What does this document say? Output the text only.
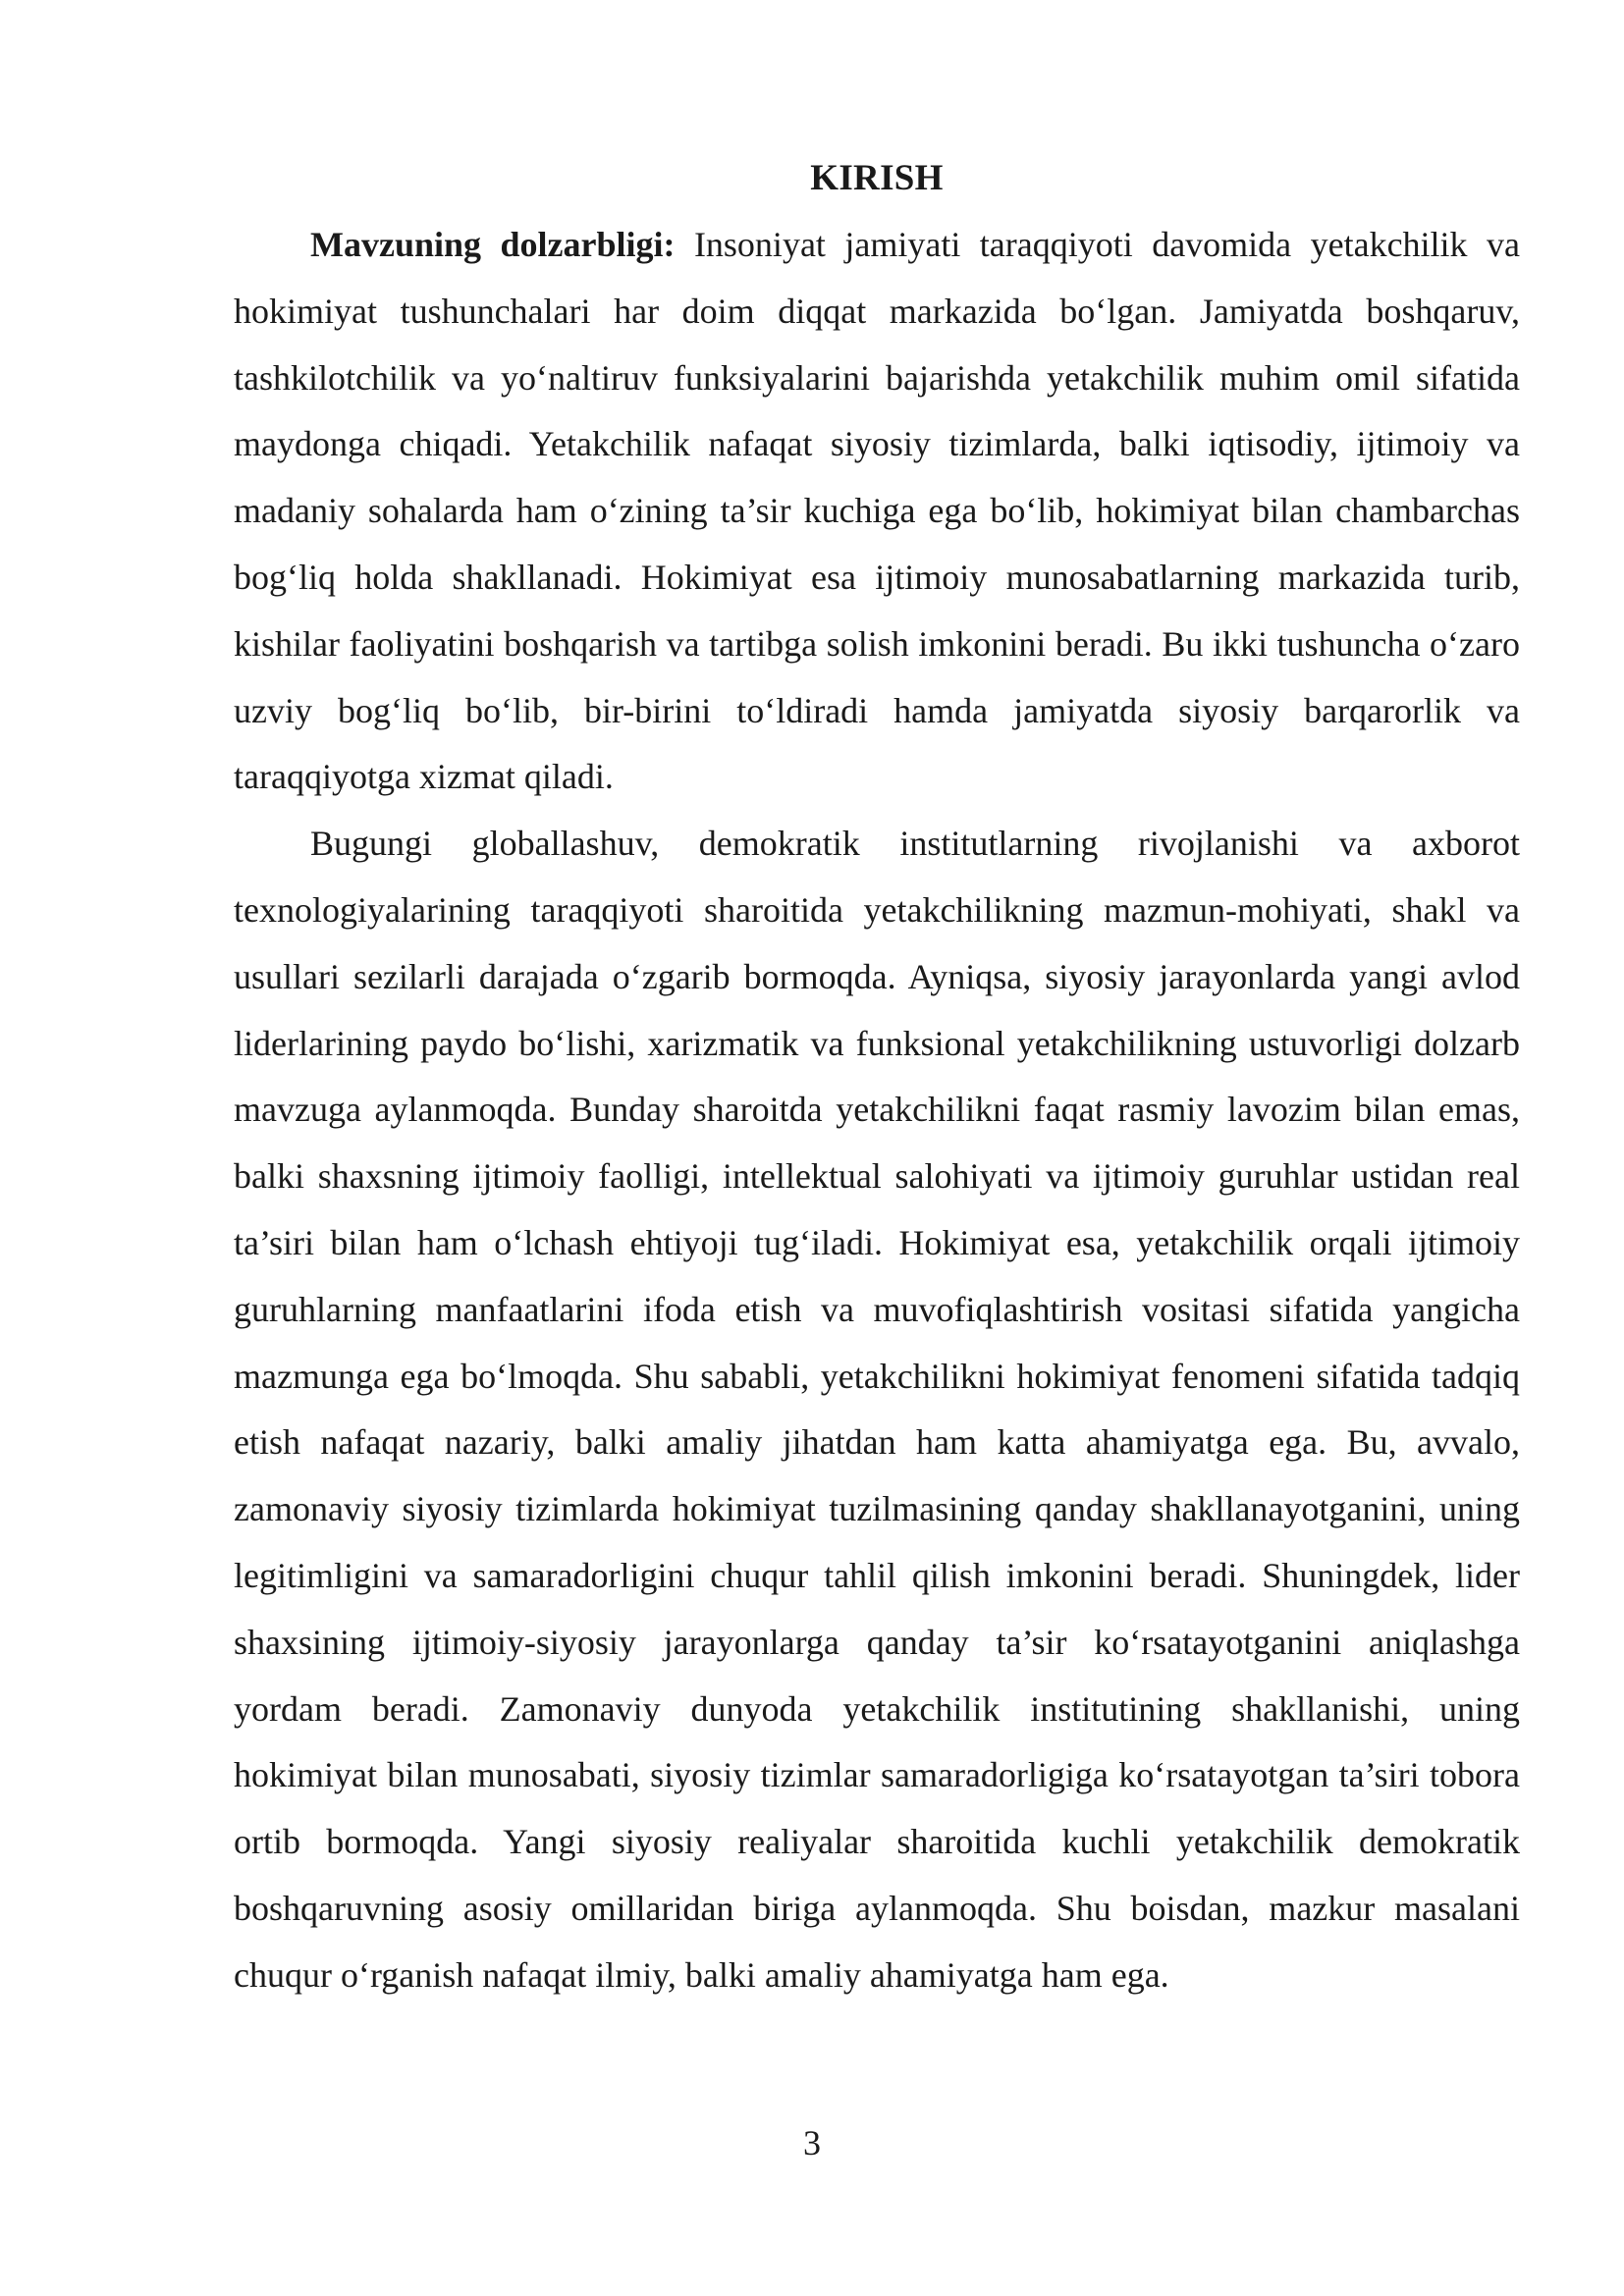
KIRISH

Mavzuning dolzarbligi: Insoniyat jamiyati taraqqiyoti davomida yetakchilik va hokimiyat tushunchalari har doim diqqat markazida bo‘lgan. Jamiyatda boshqaruv, tashkilotchilik va yo‘naltiruv funksiyalarini bajarishda yetakchilik muhim omil sifatida maydonga chiqadi. Yetakchilik nafaqat siyosiy tizimlarda, balki iqtisodiy, ijtimoiy va madaniy sohalarda ham o‘zining ta’sir kuchiga ega bo‘lib, hokimiyat bilan chambarchas bog‘liq holda shakllanadi. Hokimiyat esa ijtimoiy munosabatlarning markazida turib, kishilar faoliyatini boshqarish va tartibga solish imkonini beradi. Bu ikki tushuncha o‘zaro uzviy bog‘liq bo‘lib, bir-birini to‘ldiradi hamda jamiyatda siyosiy barqarorlik va taraqqiyotga xizmat qiladi.

Bugungi globallashuv, demokratik institutlarning rivojlanishi va axborot texnologiyalarining taraqqiyoti sharoitida yetakchilikning mazmun-mohiyati, shakl va usullari sezilarli darajada o‘zgarib bormoqda. Ayniqsa, siyosiy jarayonlarda yangi avlod liderlarining paydo bo‘lishi, xarizmatik va funksional yetakchilikning ustuvorligi dolzarb mavzuga aylanmoqda. Bunday sharoitda yetakchilikni faqat rasmiy lavozim bilan emas, balki shaxsning ijtimoiy faolligi, intellektual salohiyati va ijtimoiy guruhlar ustidan real ta’siri bilan ham o‘lchash ehtiyoji tug‘iladi. Hokimiyat esa, yetakchilik orqali ijtimoiy guruhlarning manfaatlarini ifoda etish va muvofiqlashtirish vositasi sifatida yangicha mazmunga ega bo‘lmoqda. Shu sababli, yetakchilikni hokimiyat fenomeni sifatida tadqiq etish nafaqat nazariy, balki amaliy jihatdan ham katta ahamiyatga ega. Bu, avvalo, zamonaviy siyosiy tizimlarda hokimiyat tuzilmasining qanday shakllanayotganini, uning legitimligini va samaradorligini chuqur tahlil qilish imkonini beradi. Shuningdek, lider shaxsining ijtimoiy-siyosiy jarayonlarga qanday ta’sir ko‘rsatayotganini aniqlashga yordam beradi. Zamonaviy dunyoda yetakchilik institutining shakllanishi, uning hokimiyat bilan munosabati, siyosiy tizimlar samaradorligiga ko‘rsatayotgan ta’siri tobora ortib bormoqda. Yangi siyosiy realiyalar sharoitida kuchli yetakchilik demokratik boshqaruvning asosiy omillaridan biriga aylanmoqda. Shu boisdan, mazkur masalani chuqur o‘rganish nafaqat ilmiy, balki amaliy ahamiyatga ham ega.

3
